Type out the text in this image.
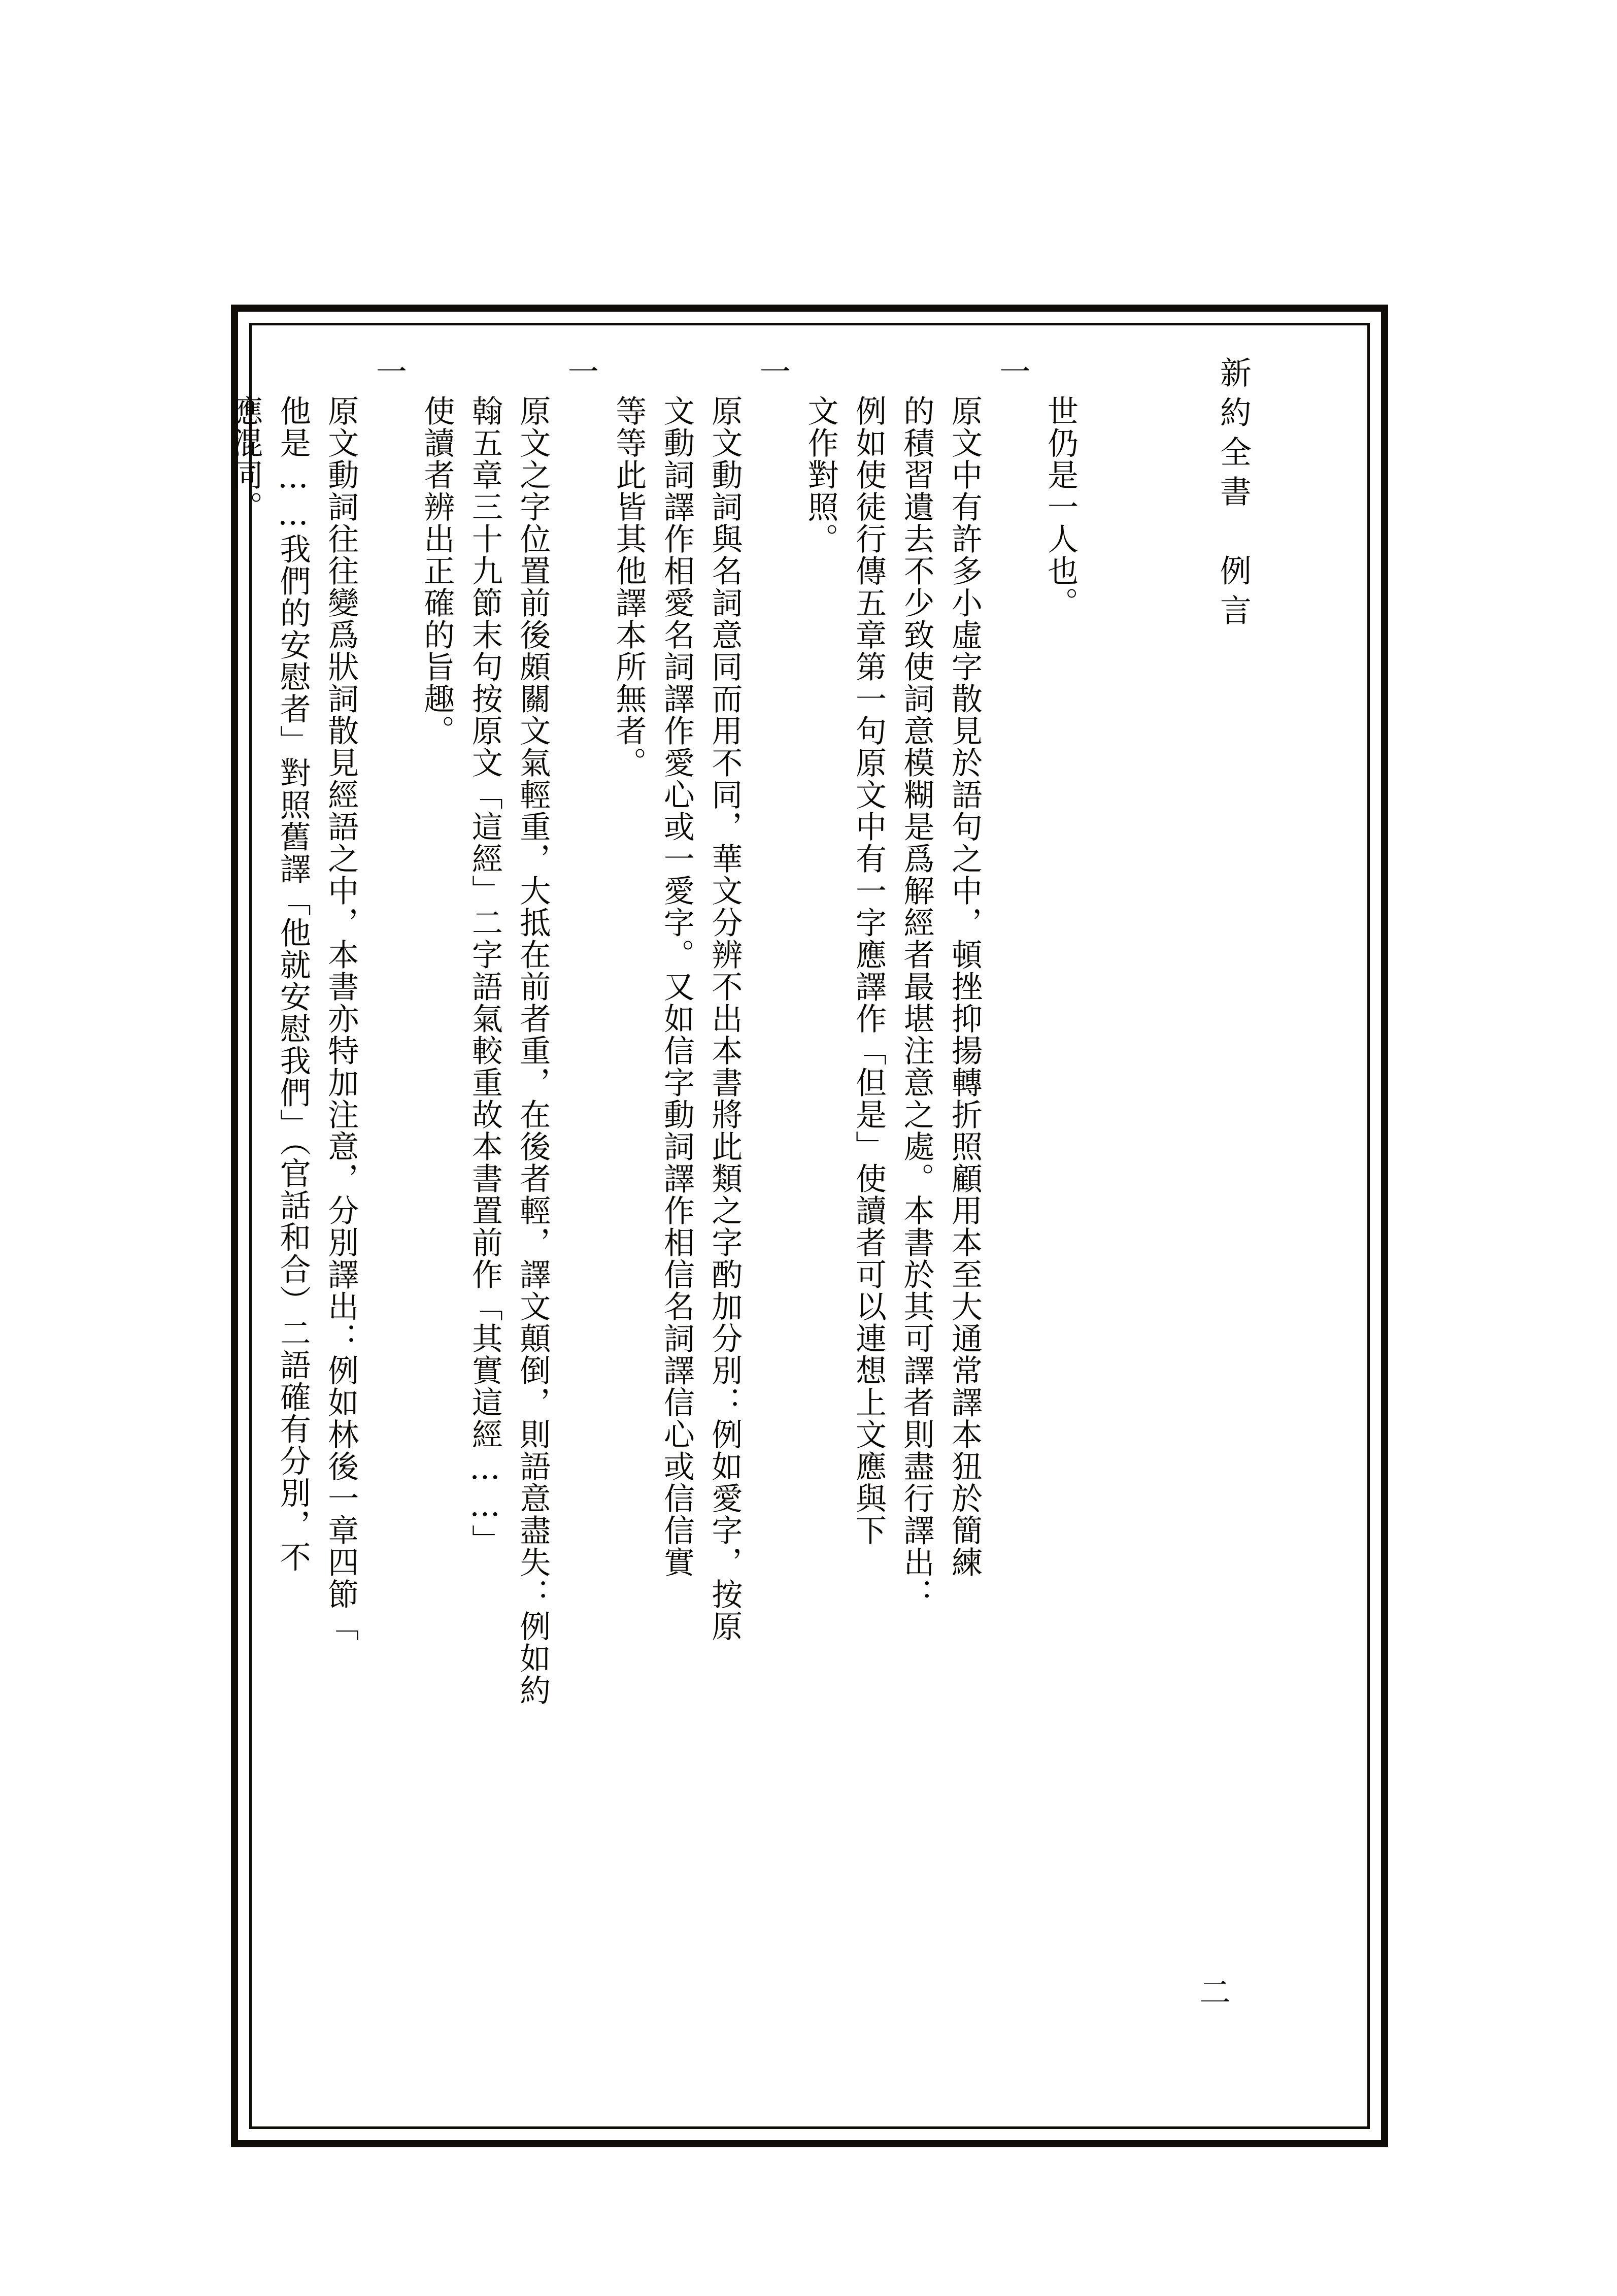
新約全書　例言

二

世仍是一人也。
一
原文中有許多小虛字散見於語句之中，頓挫抑揚轉折照顧用本至大通常譯本狃於簡練
的積習遺去不少致使詞意模糊是爲解經者最堪注意之處。本書於其可譯者則盡行譯出：
例如使徒行傳五章第一句原文中有一字應譯作「但是」使讀者可以連想上文應與下
文作對照。
一
原文動詞與名詞意同而用不同，華文分辨不出本書將此類之字酌加分別：例如愛字，按原
文動詞譯作相愛名詞譯作愛心或一愛字。又如信字動詞譯作相信名詞譯信心或信信實
等等此皆其他譯本所無者。
一
原文之字位置前後頗關文氣輕重，大抵在前者重，在後者輕，譯文顛倒，則語意盡失：例如約
翰五章三十九節末句按原文「這經」二字語氣較重故本書置前作「其實這經……」
使讀者辨出正確的旨趣。
一
原文動詞往往變爲狀詞散見經語之中，本書亦特加注意，分別譯出：例如林後一章四節「
他是……我們的安慰者」對照舊譯「他就安慰我們」（官話和合）二語確有分別，不
應混同。
